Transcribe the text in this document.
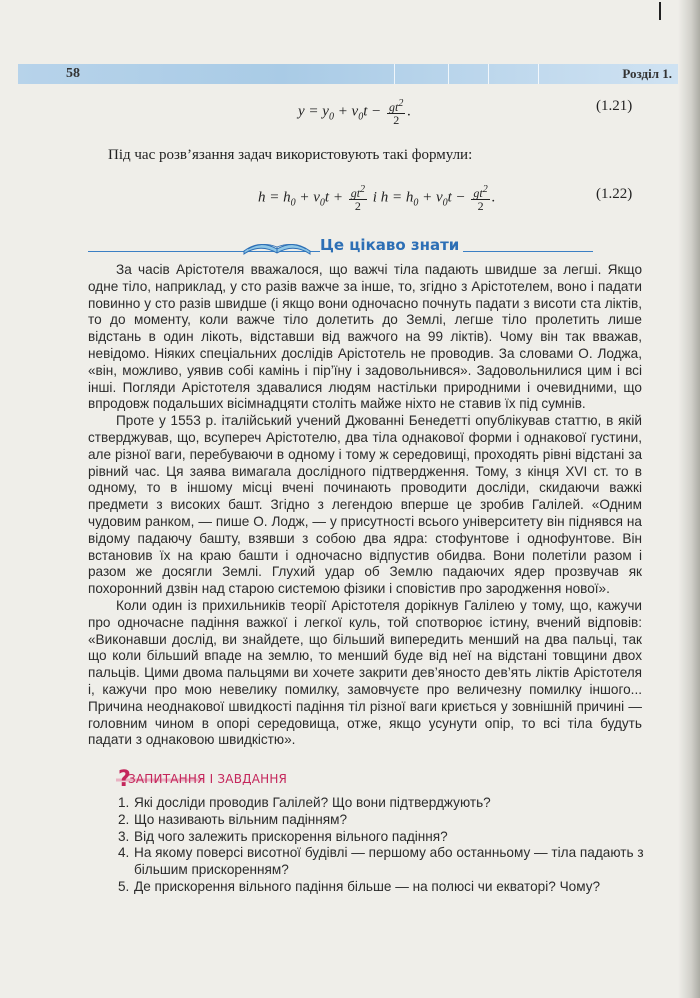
58	Розділ 1.
$y = y_0 + v_0t - \frac{gt^2}{2}$ .	(1.21)
Під час розв’язання задач використовують такі формули:
$h = h_0 + v_0t + \frac{gt^2}{2}$ і $h = h_0 + v_0t - \frac{gt^2}{2}$ .	(1.22)
Це цікаво знати

За часів Арістотеля вважалося, що важчі тіла падають швидше за легші. Якщо одне тіло, наприклад, у сто разів важче за інше, то, згідно з Арістотелем, воно і падати повинно у сто разів швидше (і якщо вони одночасно почнуть падати з висоти ста ліктів, то до моменту, коли важче тіло долетить до Землі, легше тіло пролетить лише відстань в один лікоть, відставши від важчого на 99 ліктів). Чому він так вважав, невідомо. Ніяких спеціальних дослідів Арістотель не проводив. За словами О. Лоджа, «він, можливо, уявив собі камінь і пір’їну і задовольнився». Задовольнилися цим і всі інші. Погляди Арістотеля здавалися людям настільки природними і очевидними, що впродовж подальших вісімнадцяти століть майже ніхто не ставив їх під сумнів.

Проте у 1553 р. італійський учений Джованні Бенедетті опублікував статтю, в якій стверджував, що, всупереч Арістотелю, два тіла однакової форми і однакової густини, але різної ваги, перебуваючи в одному і тому ж середовищі, проходять рівні відстані за рівний час. Ця заява вимагала дослідного підтвердження. Тому, з кінця XVI ст. то в одному, то в іншому місці вчені починають проводити досліди, скидаючи важкі предмети з високих башт. Згідно з легендою вперше це зробив Галілей. «Одним чудовим ранком, — пише О. Лодж, — у присутності всього університету він піднявся на відому падаючу башту, взявши з собою два ядра: стофунтове і однофунтове. Він встановив їх на краю башти і одночасно відпустив обидва. Вони полетіли разом і разом же досягли Землі. Глухий удар об Землю падаючих ядер прозвучав як похоронний дзвін над старою системою фізики і сповістив про зародження нової».

Коли один із прихильників теорії Арістотеля дорікнув Галілею у тому, що, кажучи про одночасне падіння важкої і легкої куль, той спотворює істину, вчений відповів: «Виконавши дослід, ви знайдете, що більший випередить менший на два пальці, так що коли більший впаде на землю, то менший буде від неї на відстані товщини двох пальців. Цими двома пальцями ви хочете закрити дев’яносто дев’ять ліктів Арістотеля і, кажучи про мою невелику помилку, замовчуєте про величезну помилку іншого... Причина неоднакової швидкості падіння тіл різної ваги криється у зовнішній причині — головним чином в опорі середовища, отже, якщо усунути опір, то всі тіла будуть падати з однаковою швидкістю».

?
ЗАПИТАННЯ І ЗАВДАННЯ
1. Які досліди проводив Галілей? Що вони підтверджують?
2. Що називають вільним падінням?
3. Від чого залежить прискорення вільного падіння?
4. На якому поверсі висотної будівлі — першому або останньому — тіла падають з більшим прискоренням?
5. Де прискорення вільного падіння більше — на полюсі чи екваторі? Чому?
